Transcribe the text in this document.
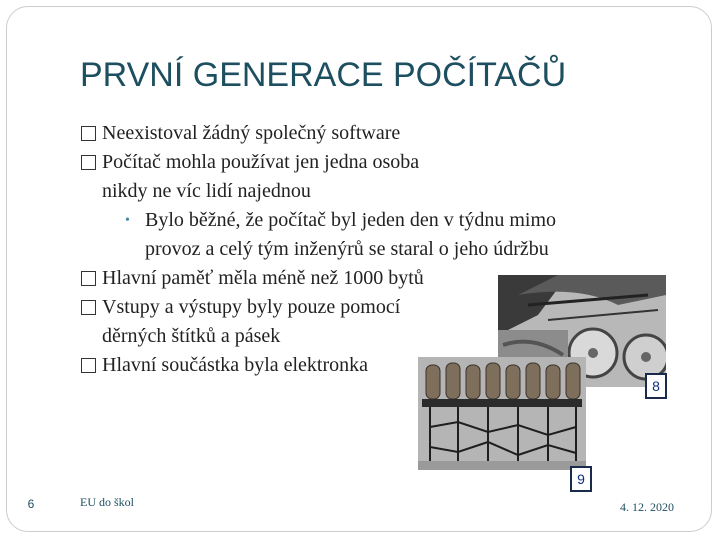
PRVNÍ GENERACE POČÍTAČŮ
Neexistoval žádný společný software
Počítač mohla používat jen jedna osoba
nikdy ne víc lidí najednou
• Bylo běžné, že počítač byl jeden den v týdnu mimo
provoz a celý tým inženýrů se staral o jeho údržbu
Hlavní paměť měla méně než 1000 bytů
Vstupy a výstupy byly pouze pomocí
děrných štítků a pásek
Hlavní součástka byla elektronka
8
9
6	EU do škol	4. 12. 2020
